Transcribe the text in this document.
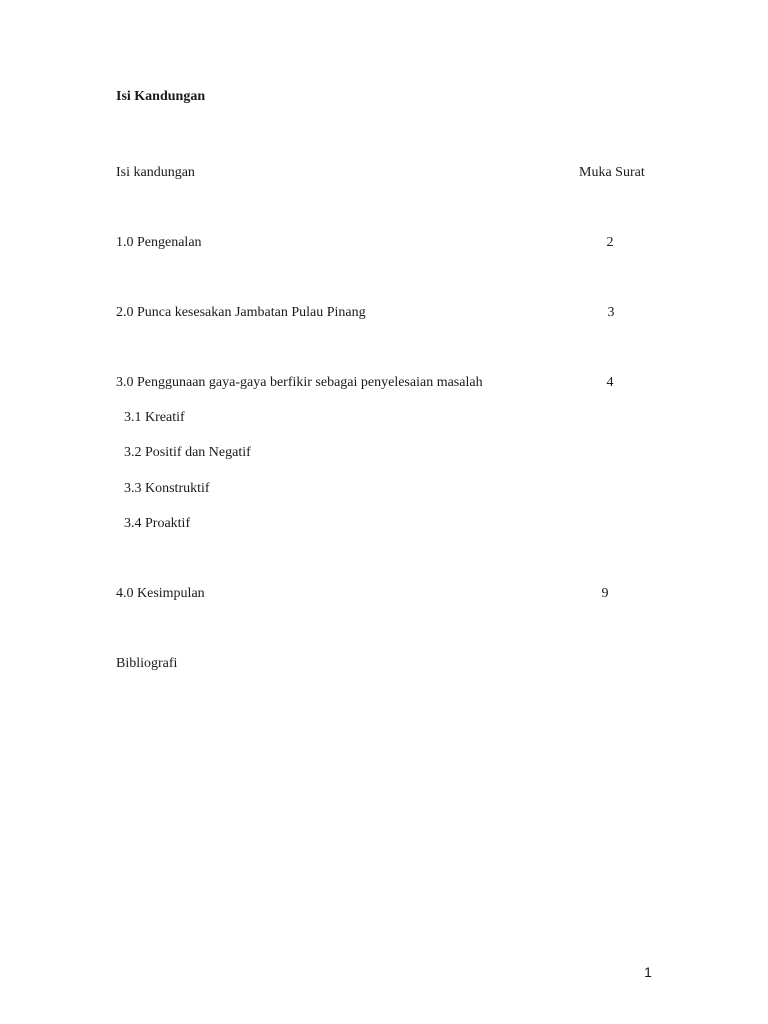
Isi Kandungan
Isi kandungan	Muka Surat
1.0 Pengenalan	2
2.0 Punca kesesakan Jambatan Pulau Pinang	3
3.0 Penggunaan gaya-gaya berfikir sebagai penyelesaian masalah	4
3.1 Kreatif
3.2 Positif dan Negatif
3.3 Konstruktif
3.4 Proaktif
4.0 Kesimpulan	9
Bibliografi
1
